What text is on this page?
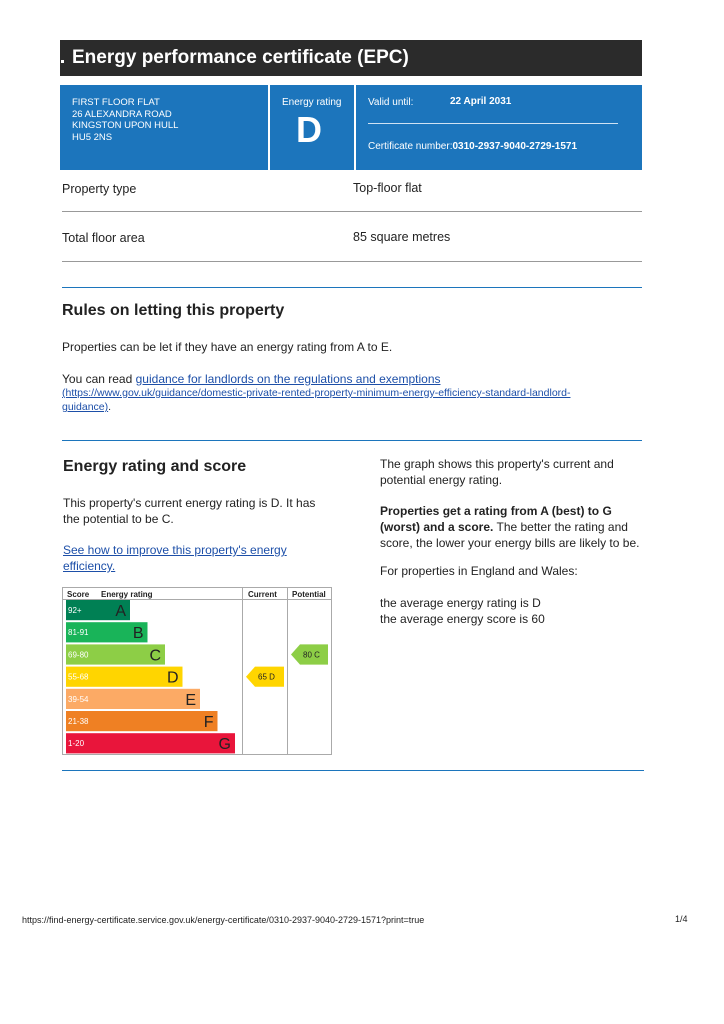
Energy performance certificate (EPC)
FIRST FLOOR FLAT
26 ALEXANDRA ROAD
KINGSTON UPON HULL
HU5 2NS
Energy rating
D
Valid until:	22 April 2031
Certificate number:0310-2937-9040-2729-1571
Property type	Top-floor flat
Total floor area	85 square metres
Rules on letting this property
Properties can be let if they have an energy rating from A to E.
You can read guidance for landlords on the regulations and exemptions
(https://www.gov.uk/guidance/domestic-private-rented-property-minimum-energy-efficiency-standard-landlord-
guidance).
Energy rating and score
This property's current energy rating is D. It has
the potential to be C.
See how to improve this property's energy
efficiency.
The graph shows this property's current and
potential energy rating.
Properties get a rating from A (best) to G
(worst) and a score. The better the rating and
score, the lower your energy bills are likely to be.
For properties in England and Wales:
the average energy rating is D
the average energy score is 60
Score Energy rating	Current Potential
92+ A
81-91	B
69-80	C
55-68	D
39-54	E
21-38	F
1-20	G
65 D
80 C
https://find-energy-certificate.service.gov.uk/energy-certificate/0310-2937-9040-2729-1571?print=true	1/4
